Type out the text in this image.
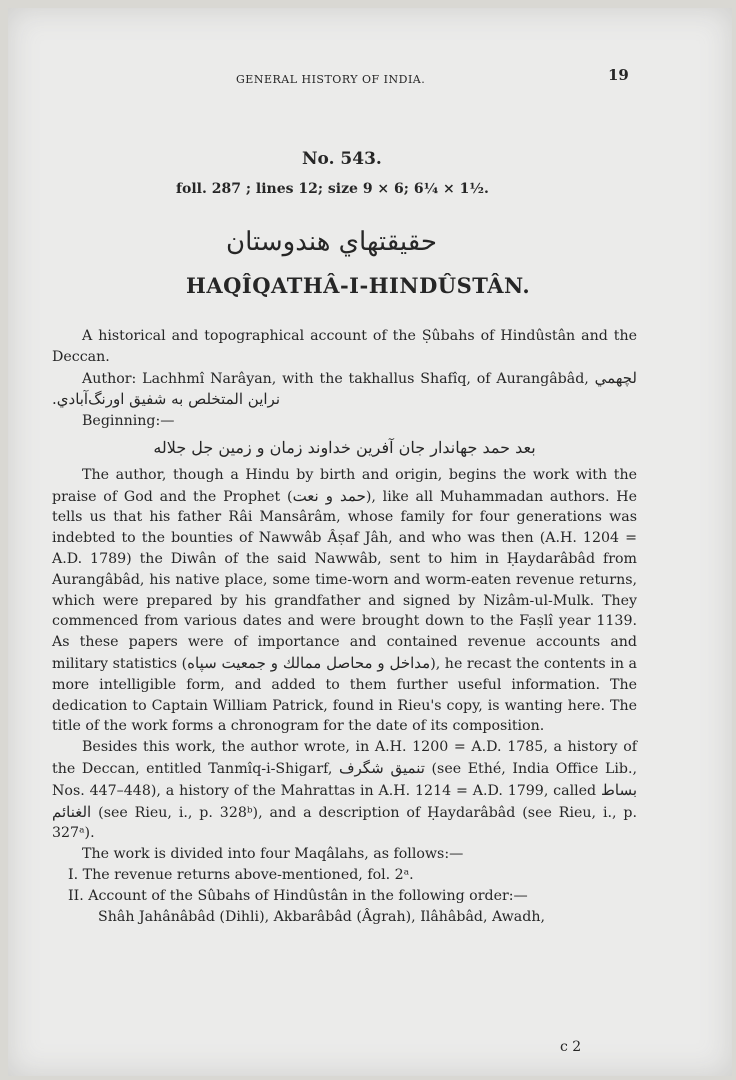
GENERAL HISTORY OF INDIA.	19
No. 543.
foll. 287 ; lines 12; size 9 × 6; 6¼ × 1½.
حقیقتهاي هندوستان
HAQÎQATHÂ-I-HINDÛSTÂN.

A historical and topographical account of the Ṣûbahs of Hindûstân and the Deccan.

Author: Lachhmî Narâyan, with the takhallus Shafîq, of Aurangâbâd, لچهمي نراين المتخلص به شفيق اورنگ‌آبادي.

Beginning:—

بعد حمد جهاندار جان آفرين خداوند زمان و زمين جل جلاله

The author, though a Hindu by birth and origin, begins the work with the praise of God and the Prophet (حمد و نعت), like all Muhammadan authors. He tells us that his father Râi Mansârâm, whose family for four generations was indebted to the bounties of Nawwâb Âṣaf Jâh, and who was then (A.H. 1204 = A.D. 1789) the Diwân of the said Nawwâb, sent to him in Ḥaydarâbâd from Aurangâbâd, his native place, some time-worn and worm-eaten revenue returns, which were prepared by his grandfather and signed by Nizâm-ul-Mulk. They commenced from various dates and were brought down to the Faṣlî year 1139. As these papers were of importance and contained revenue accounts and military statistics (مداخل و محاصل ممالك و جمعيت سپاه), he recast the contents in a more intelligible form, and added to them further useful information. The dedication to Captain William Patrick, found in Rieu's copy, is wanting here. The title of the work forms a chronogram for the date of its composition.

Besides this work, the author wrote, in A.H. 1200 = A.D. 1785, a history of the Deccan, entitled Tanmîq-i-Shigarf, تنميق شگرف (see Ethé, India Office Lib., Nos. 447–448), a history of the Mahrattas in A.H. 1214 = A.D. 1799, called بساط الغنائم (see Rieu, i., p. 328ᵇ), and a description of Ḥaydarâbâd (see Rieu, i., p. 327ᵃ).

The work is divided into four Maqâlahs, as follows:—

I. The revenue returns above-mentioned, fol. 2ᵃ.

II. Account of the Sûbahs of Hindûstân in the following order:—

Shâh Jahânâbâd (Dihli), Akbarâbâd (Âgrah), Ilâhâbâd, Awadh,

c 2
